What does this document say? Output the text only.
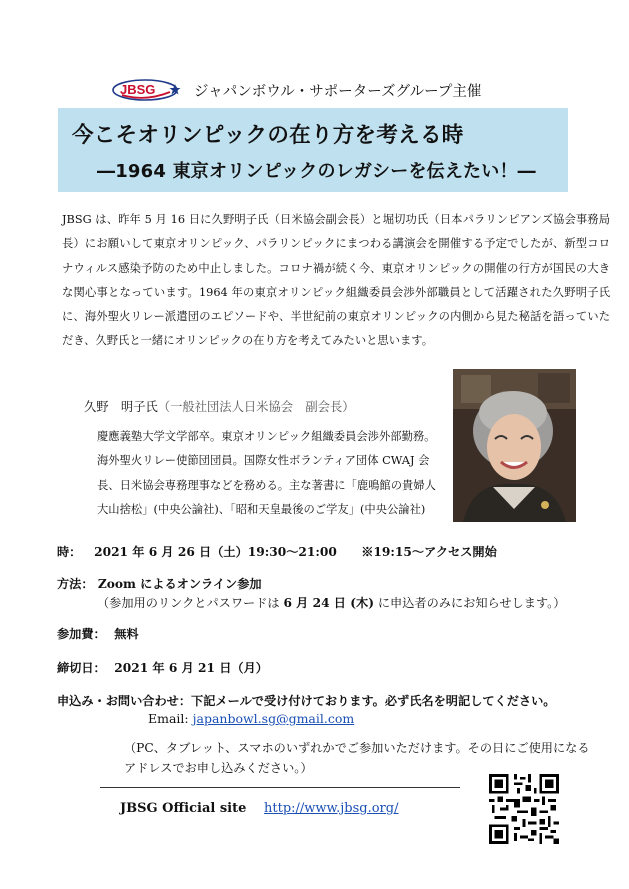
JBSG	ジャパンボウル・サポーターズグループ主催
今こそオリンピックの在り方を考える時
―1964 東京オリンピックのレガシーを伝えたい！―
JBSG は、昨年 5 月 16 日に久野明子氏（日米協会副会長）と堀切功氏（日本パラリンピアンズ協会事務局長）にお願いして東京オリンピック、パラリンピックにまつわる講演会を開催する予定でしたが、新型コロナウィルス感染予防のため中止しました。コロナ禍が続く今、東京オリンピックの開催の行方が国民の大きな関心事となっています。1964 年の東京オリンピック組織委員会渉外部職員として活躍された久野明子氏に、海外聖火リレー派遣団のエピソードや、半世紀前の東京オリンピックの内側から見た秘話を語っていただき、久野氏と一緒にオリンピックの在り方を考えてみたいと思います。
久野　明子氏（一般社団法人日米協会　副会長）
慶應義塾大学文学部卒。東京オリンピック組織委員会渉外部勤務。海外聖火リレー使節団団員。国際女性ボランティア団体 CWAJ 会長、日米協会専務理事などを務める。主な著書に「鹿鳴館の貴婦人大山捨松」(中央公論社)、「昭和天皇最後のご学友」(中央公論社)
時： 2021 年 6 月 26 日（土）19:30～21:00　　※19:15～アクセス開始
方法： Zoom によるオンライン参加
（参加用のリンクとパスワードは 6 月 24 日 (木) に申込者のみにお知らせします。）
参加費： 無料
締切日： 2021 年 6 月 21 日（月）
申込み・お問い合わせ：下記メールで受け付けております。必ず氏名を明記してください。
Email: japanbowl.sg@gmail.com
（PC、タブレット、スマホのいずれかでご参加いただけます。その日にご使用になるアドレスでお申し込みください。）
JBSG Official site http://www.jbsg.org/
